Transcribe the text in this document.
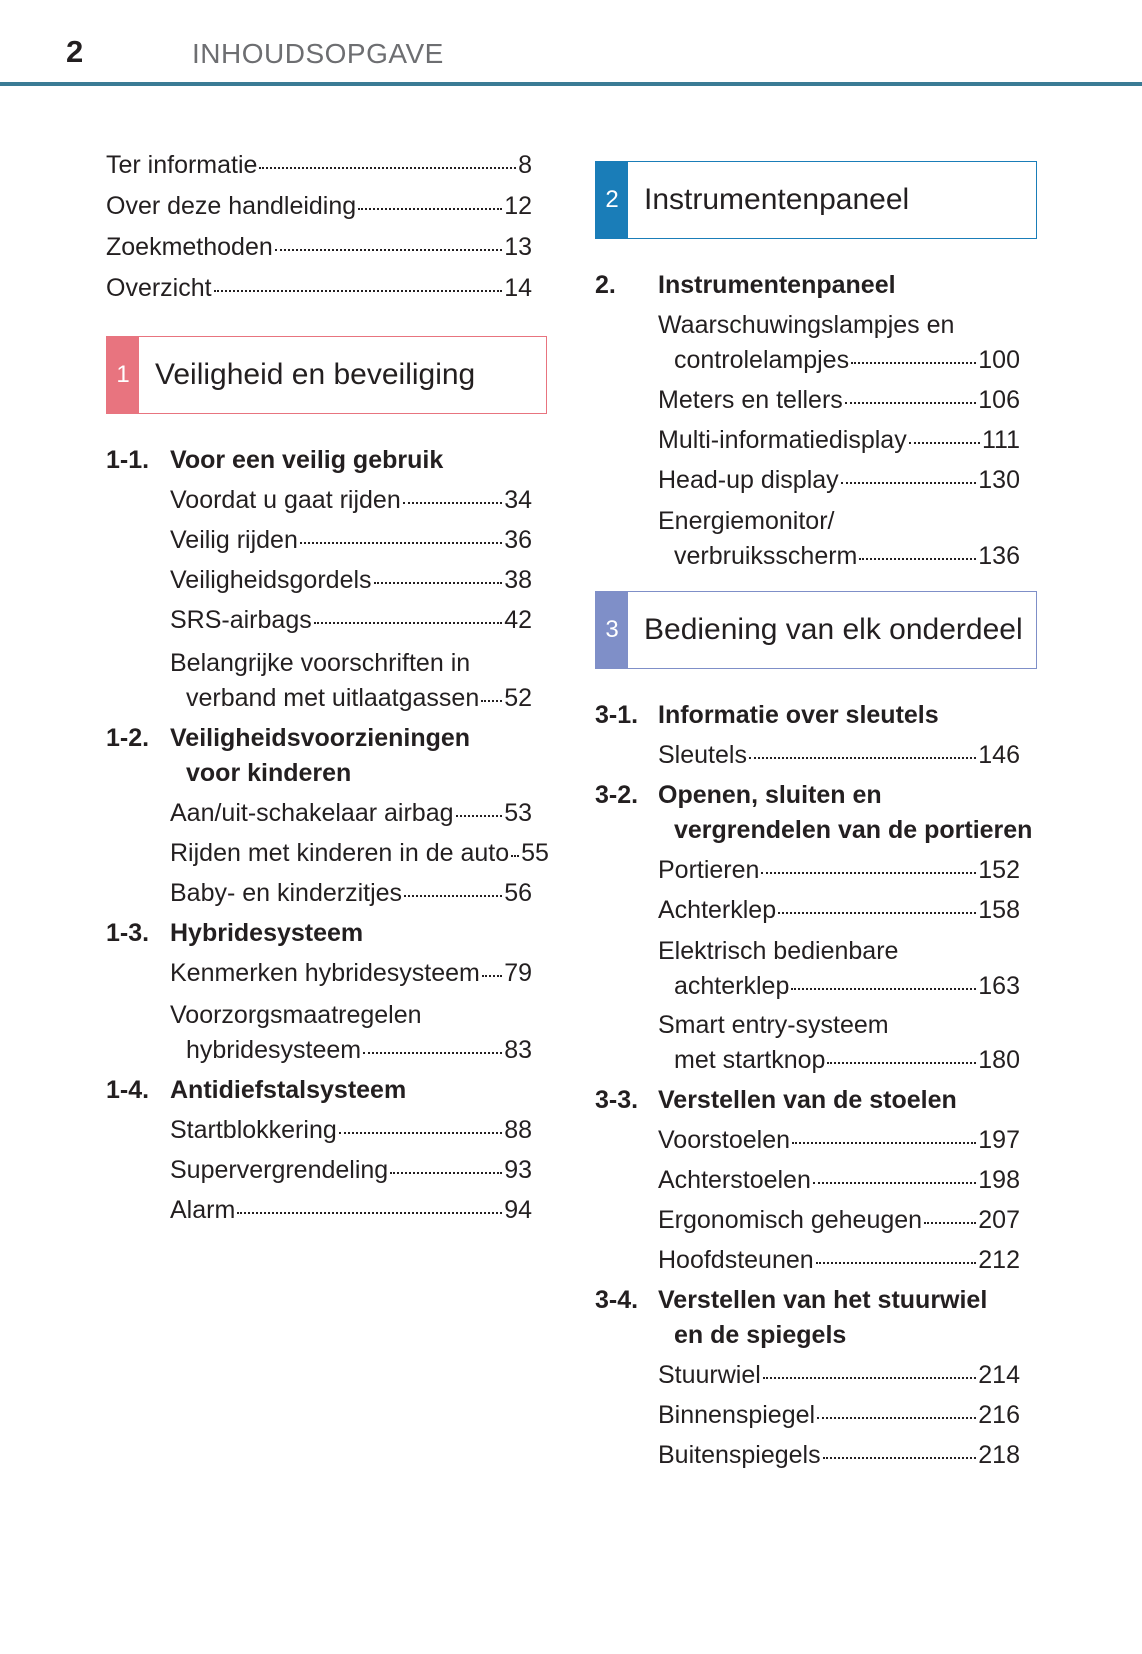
2	INHOUDSOPGAVE
Ter informatie	8
Over deze handleiding	12
Zoekmethoden	13
Overzicht	14
1 Veiligheid en beveiliging
1-1. Voor een veilig gebruik
Voordat u gaat rijden	34
Veilig rijden	36
Veiligheidsgordels	38
SRS-airbags	42
Belangrijke voorschriften in
verband met uitlaatgassen 52
1-2. Veiligheidsvoorzieningen
voor kinderen
Aan/uit-schakelaar airbag 53
Rijden met kinderen in de auto 55
Baby- en kinderzitjes	56
1-3. Hybridesysteem
Kenmerken hybridesysteem 79
Voorzorgsmaatregelen
hybridesysteem	83
1-4. Antidiefstalsysteem
Startblokkering	88
Supervergrendeling	93
Alarm	94
2 Instrumentenpaneel
2. Instrumentenpaneel
Waarschuwingslampjes en
controlelampjes	100
Meters en tellers	106
Multi-informatiedisplay	111
Head-up display	130
Energiemonitor/
verbruiksscherm	136
3 Bediening van elk onderdeel
3-1. Informatie over sleutels
Sleutels	146
3-2. Openen, sluiten en
vergrendelen van de portieren
Portieren	152
Achterklep	158
Elektrisch bedienbare
achterklep	163
Smart entry-systeem
met startknop	180
3-3. Verstellen van de stoelen
Voorstoelen	197
Achterstoelen	198
Ergonomisch geheugen 207
Hoofdsteunen	212
3-4. Verstellen van het stuurwiel
en de spiegels
Stuurwiel	214
Binnenspiegel	216
Buitenspiegels	218
